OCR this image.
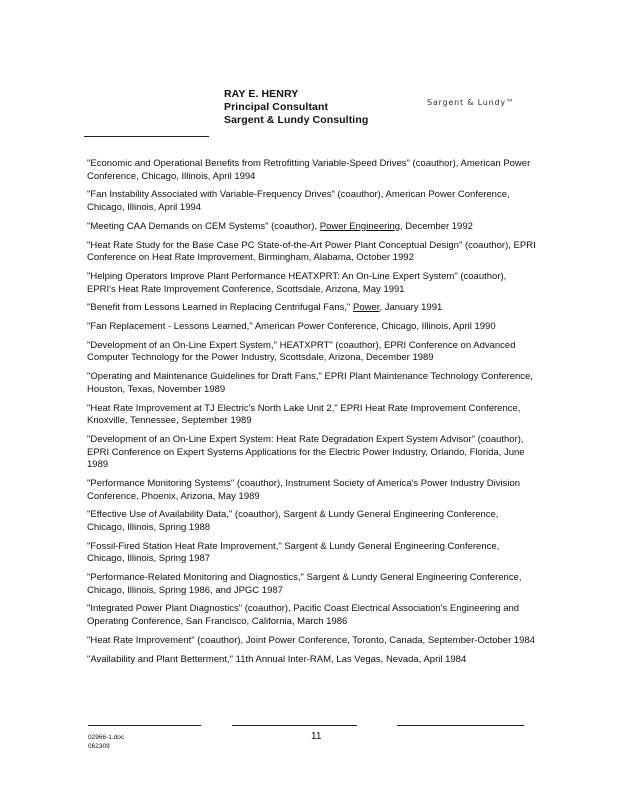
RAY E. HENRY
Principal Consultant
Sargent & Lundy Consulting
Sargent & Lundy™
"Economic and Operational Benefits from Retrofitting Variable-Speed Drives" (coauthor), American Power Conference, Chicago, Illinois, April 1994
"Fan Instability Associated with Variable-Frequency Drives" (coauthor), American Power Conference, Chicago, Illinois, April 1994
"Meeting CAA Demands on CEM Systems" (coauthor), Power Engineering, December 1992
"Heat Rate Study for the Base Case PC State-of-the-Art Power Plant Conceptual Design" (coauthor), EPRI Conference on Heat Rate Improvement, Birmingham, Alabama, October 1992
"Helping Operators Improve Plant Performance HEATXPRT: An On-Line Expert System" (coauthor), EPRI's Heat Rate Improvement Conference, Scottsdale, Arizona, May 1991
"Benefit from Lessons Learned in Replacing Centrifugal Fans," Power, January 1991
"Fan Replacement - Lessons Learned," American Power Conference, Chicago, Illinois, April 1990
"Development of an On-Line Expert System," HEATXPRT" (coauthor), EPRI Conference on Advanced Computer Technology for the Power Industry, Scottsdale, Arizona, December 1989
"Operating and Maintenance Guidelines for Draft Fans," EPRI Plant Maintenance Technology Conference, Houston, Texas, November 1989
"Heat Rate Improvement at TJ Electric's North Lake Unit 2," EPRI Heat Rate Improvement Conference, Knoxville, Tennessee, September 1989
"Development of an On-Line Expert System: Heat Rate Degradation Expert System Advisor" (coauthor), EPRI Conference on Expert Systems Applications for the Electric Power Industry, Orlando, Florida, June 1989
"Performance Monitoring Systems" (coauthor), Instrument Society of America's Power Industry Division Conference, Phoenix, Arizona, May 1989
"Effective Use of Availability Data," (coauthor), Sargent & Lundy General Engineering Conference, Chicago, Illinois, Spring 1988
"Fossil-Fired Station Heat Rate Improvement," Sargent & Lundy General Engineering Conference, Chicago, Illinois, Spring 1987
"Performance-Related Monitoring and Diagnostics," Sargent & Lundy General Engineering Conference, Chicago, Illinois, Spring 1986, and JPGC 1987
"Integrated Power Plant Diagnostics" (coauthor), Pacific Coast Electrical Association's Engineering and Operating Conference, San Francisco, California, March 1986
"Heat Rate Improvement" (coauthor), Joint Power Conference, Toronto, Canada, September-October 1984
"Availability and Plant Betterment," 11th Annual Inter-RAM, Las Vegas, Nevada, April 1984
02966-1.doc
062309
11
